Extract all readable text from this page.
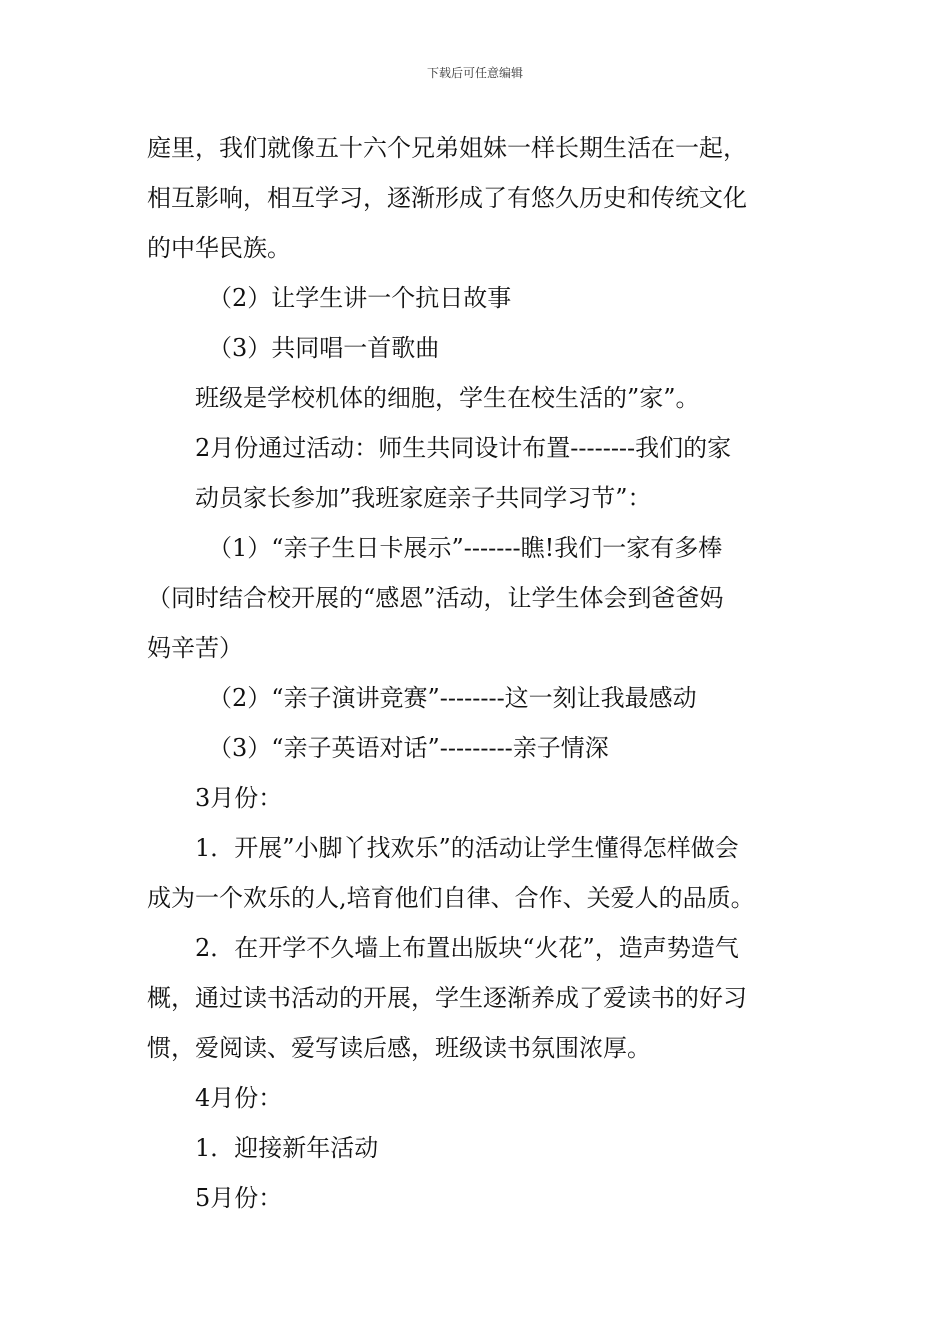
下载后可任意编辑
庭里，我们就像五十六个兄弟姐妹一样长期生活在一起，
相互影响，相互学习，逐渐形成了有悠久历史和传统文化
的中华民族。
（2）让学生讲一个抗日故事
（3）共同唱一首歌曲
班级是学校机体的细胞，学生在校生活的”家”。
2月份通过活动：师生共同设计布置--------我们的家
动员家长参加”我班家庭亲子共同学习节”：
（1）“亲子生日卡展示”-------瞧!我们一家有多棒
（同时结合校开展的“感恩”活动，让学生体会到爸爸妈
妈辛苦）
（2）“亲子演讲竞赛”--------这一刻让我最感动
（3）“亲子英语对话”---------亲子情深
3月份：
1．开展”小脚丫找欢乐”的活动让学生懂得怎样做会
成为一个欢乐的人,培育他们自律、合作、关爱人的品质。
2．在开学不久墙上布置出版块“火花”，造声势造气
概，通过读书活动的开展，学生逐渐养成了爱读书的好习
惯，爱阅读、爱写读后感，班级读书氛围浓厚。
4月份：
1．迎接新年活动
5月份：
